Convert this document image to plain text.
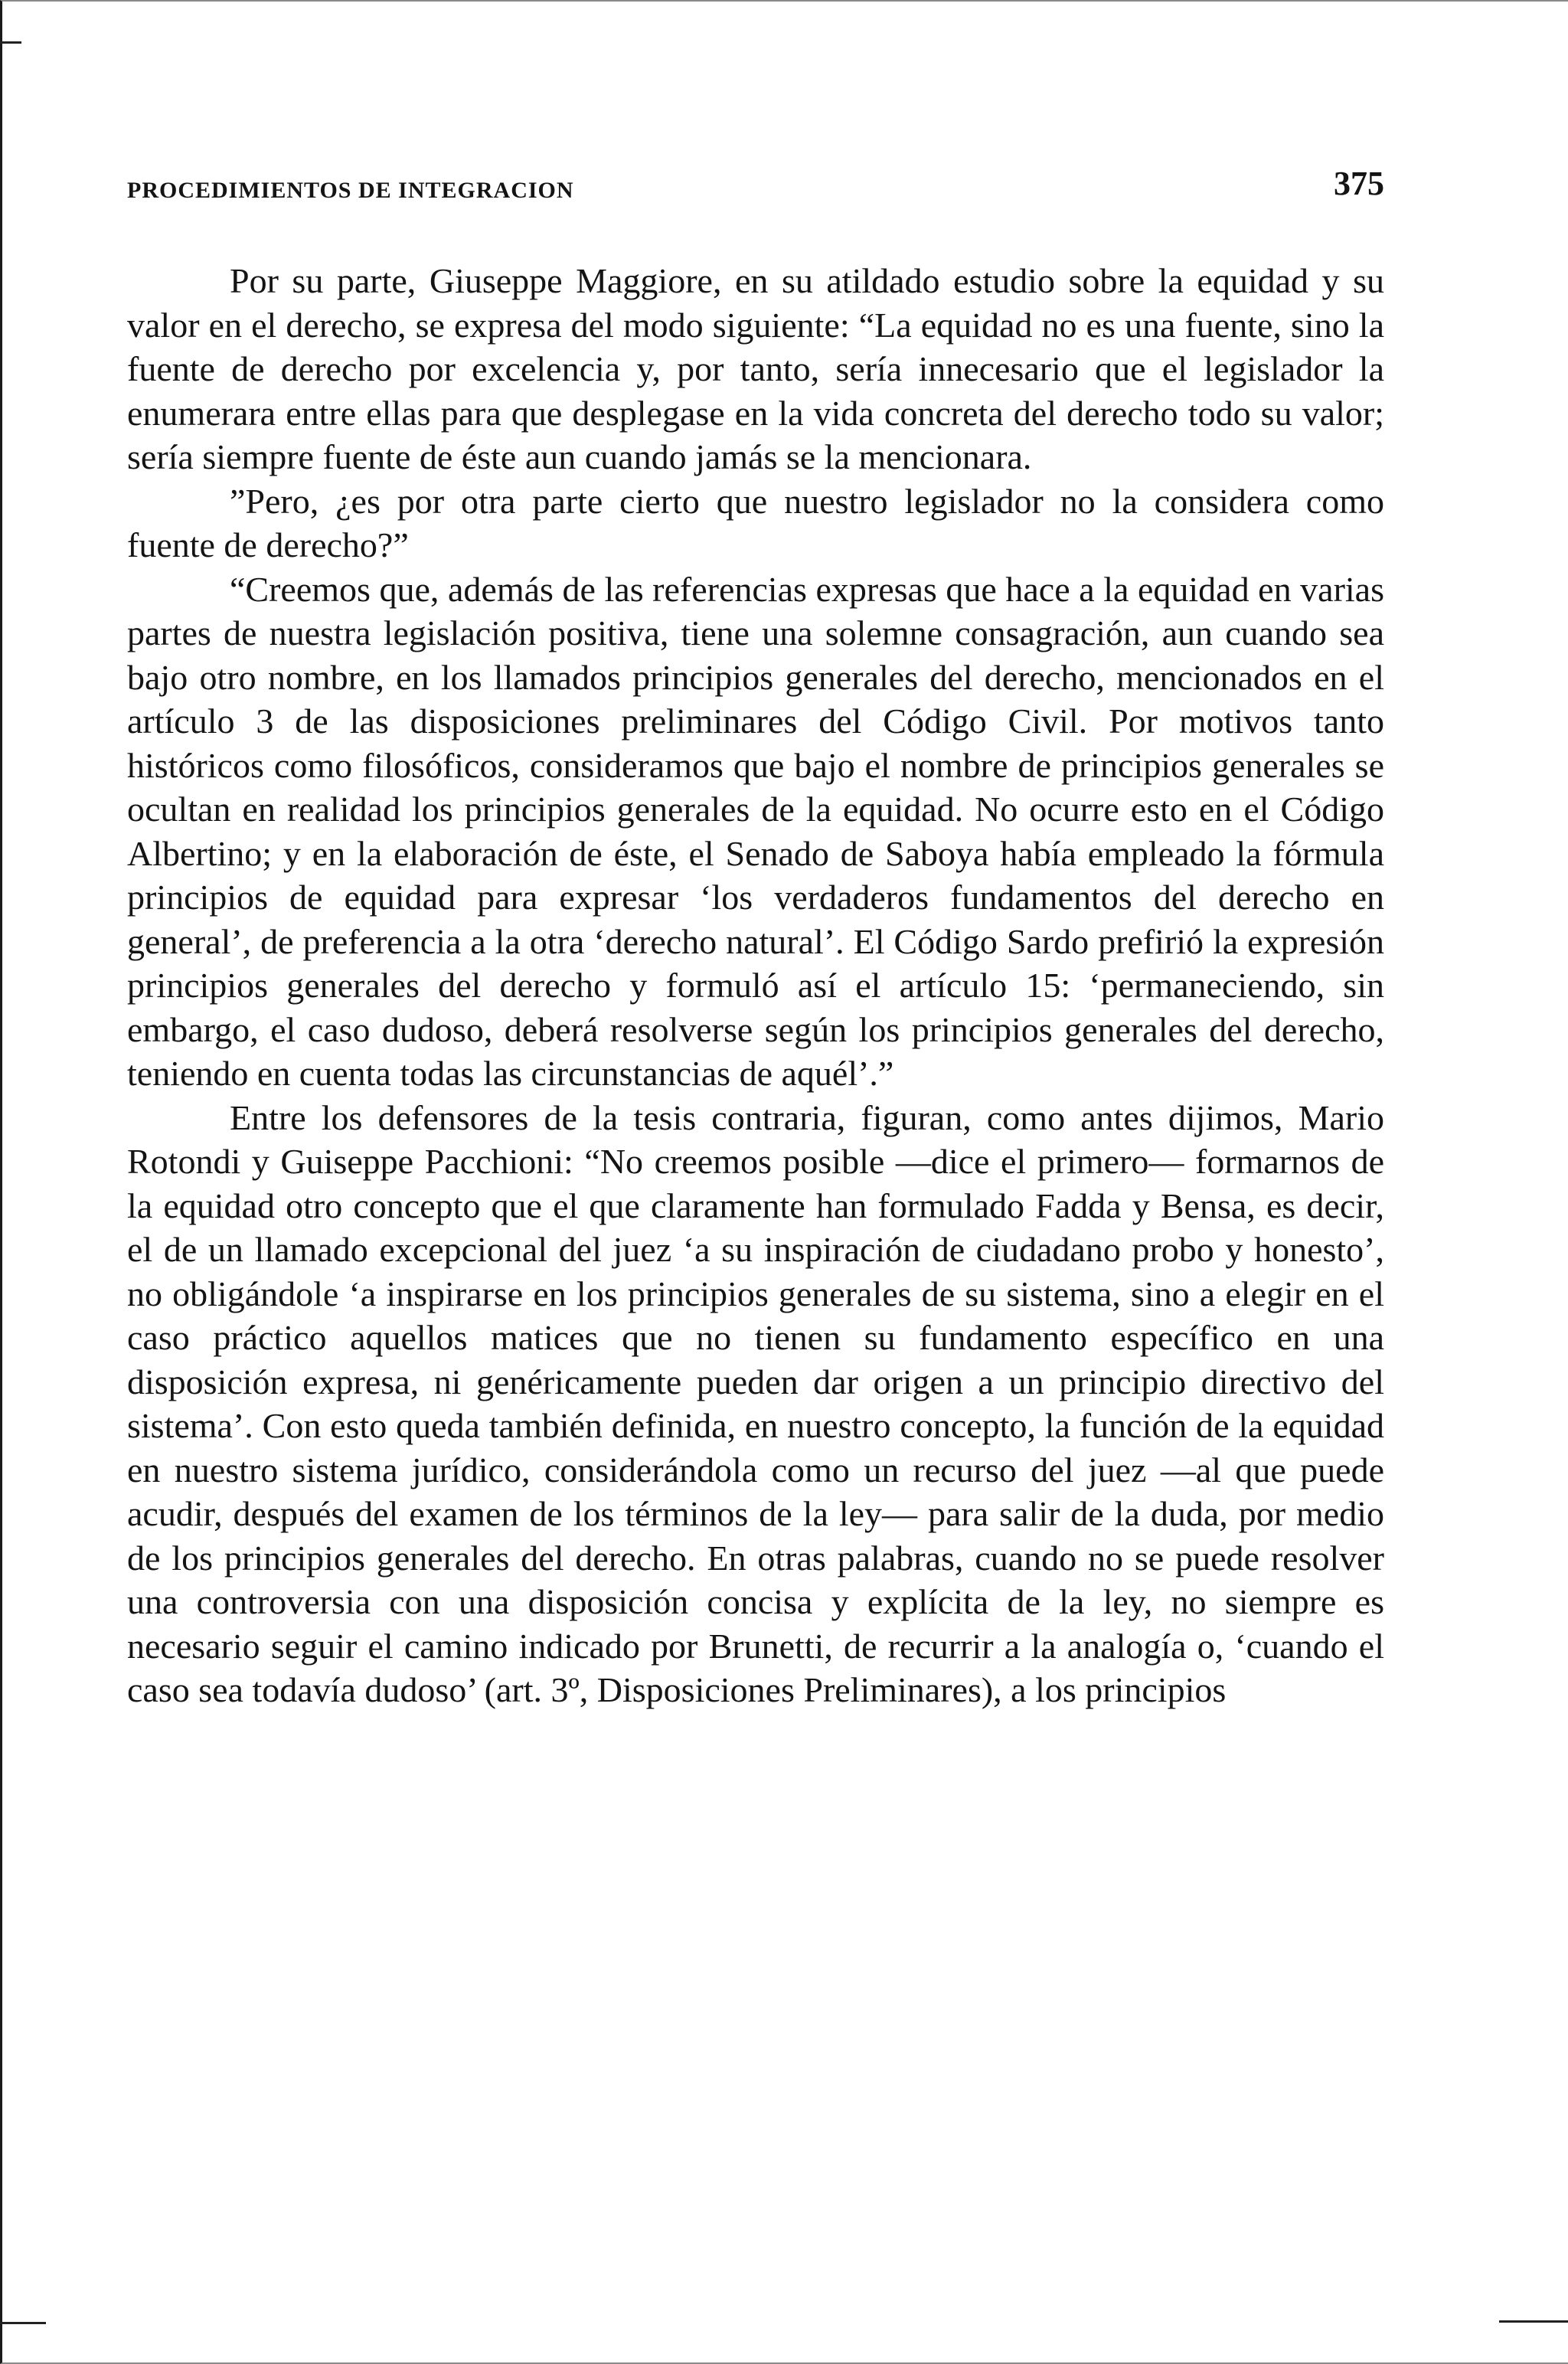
PROCEDIMIENTOS DE INTEGRACION	375

Por su parte, Giuseppe Maggiore, en su atildado estudio sobre la equidad y su valor en el derecho, se expresa del modo siguiente: “La equidad no es una fuente, sino la fuente de derecho por excelencia y, por tanto, sería innecesario que el legislador la enumerara entre ellas para que desplegase en la vida concreta del derecho todo su valor; sería siempre fuente de éste aun cuando jamás se la mencionara.

”Pero, ¿es por otra parte cierto que nuestro legislador no la considera como fuente de derecho?”

“Creemos que, además de las referencias expresas que hace a la equidad en varias partes de nuestra legislación positiva, tiene una solemne consagración, aun cuando sea bajo otro nombre, en los llamados principios generales del derecho, mencionados en el artículo 3 de las disposiciones preliminares del Código Civil. Por motivos tanto históricos como filosóficos, consideramos que bajo el nombre de principios generales se ocultan en realidad los principios generales de la equidad. No ocurre esto en el Código Albertino; y en la elaboración de éste, el Senado de Saboya había empleado la fórmula principios de equidad para expresar ‘los verdaderos fundamentos del derecho en general’, de preferencia a la otra ‘derecho natural’. El Código Sardo prefirió la expresión principios generales del derecho y formuló así el artículo 15: ‘permaneciendo, sin embargo, el caso dudoso, deberá resolverse según los principios generales del derecho, teniendo en cuenta todas las circunstancias de aquél’.”

Entre los defensores de la tesis contraria, figuran, como antes dijimos, Mario Rotondi y Guiseppe Pacchioni: “No creemos posible —dice el primero— formarnos de la equidad otro concepto que el que claramente han formulado Fadda y Bensa, es decir, el de un llamado excepcional del juez ‘a su inspiración de ciudadano probo y honesto’, no obligándole ‘a inspirarse en los principios generales de su sistema, sino a elegir en el caso práctico aquellos matices que no tienen su fundamento específico en una disposición expresa, ni genéricamente pueden dar origen a un principio directivo del sistema’. Con esto queda también definida, en nuestro concepto, la función de la equidad en nuestro sistema jurídico, considerándola como un recurso del juez —al que puede acudir, después del examen de los términos de la ley— para salir de la duda, por medio de los principios generales del derecho. En otras palabras, cuando no se puede resolver una controversia con una disposición concisa y explícita de la ley, no siempre es necesario seguir el camino indicado por Brunetti, de recurrir a la analogía o, ‘cuando el caso sea todavía dudoso’ (art. 3º, Disposiciones Preliminares), a los principios
